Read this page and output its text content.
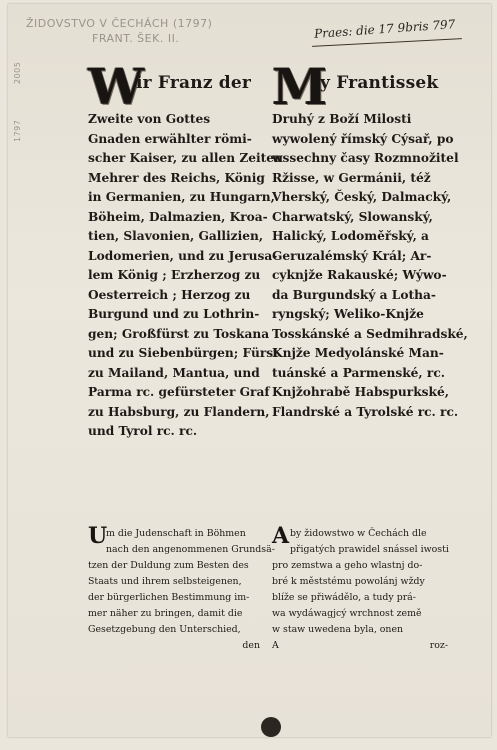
ŽIDOVSTVO V ČECHÁCH (1797)
FRANT. ŠEK. II.
2005
1797
Praes: die 17 9bris 797
W
ir Franz der
Zweite von Gottes
Gnaden erwählter römi-
scher Kaiser, zu allen Zeiten
Mehrer des Reichs, König
in Germanien, zu Hungarn,
Böheim, Dalmazien, Kroa-
tien, Slavonien, Gallizien,
Lodomerien, und zu Jerusa-
lem König ; Erzherzog zu
Oesterreich ; Herzog zu
Burgund und zu Lothrin-
gen; Großfürst zu Toskana
und zu Siebenbürgen; Fürst
zu Mailand, Mantua, und
Parma rc. gefürsteter Graf
zu Habsburg, zu Flandern,
und Tyrol rc. rc.
M
y Frantissek
Druhý z Boží Milosti
wywolený římský Cýsař, po
wssechny časy Rozmnožitel
Ržisse, w Germánii, též
Vherský, Český, Dalmacký,
Charwatský, Slowanský,
Halický, Lodoměřský, a
Geruzalémský Král; Ar-
cyknjže Rakauské; Wýwo-
da Burgundský a Lotha-
ryngský; Weliko-Knjže
Tosskánské a Sedmihradské,
Knjže Medyolánské Man-
tuánské a Parmenské, rc.
Knjžohrabě Habspurkské,
Flandrské a Tyrolské rc. rc.
U
m die Judenschaft in Böhmen
nach den angenommenen Grundsä-
tzen der Duldung zum Besten des
Staats und ihrem selbsteigenen,
der bürgerlichen Bestimmung im-
mer näher zu bringen, damit die
Gesetzgebung den Unterschied,
den
Aby židowstwo w Čechách dle
přigatých prawidel snássel iwosti
pro zemstwa a geho wlastnj do-
bré k měststému powolánj wždy
blíže se přiwádělo, a tudy prá-
wa wydáwagjcý wrchnost země
w staw uwedena byla, onen
A	roz-
